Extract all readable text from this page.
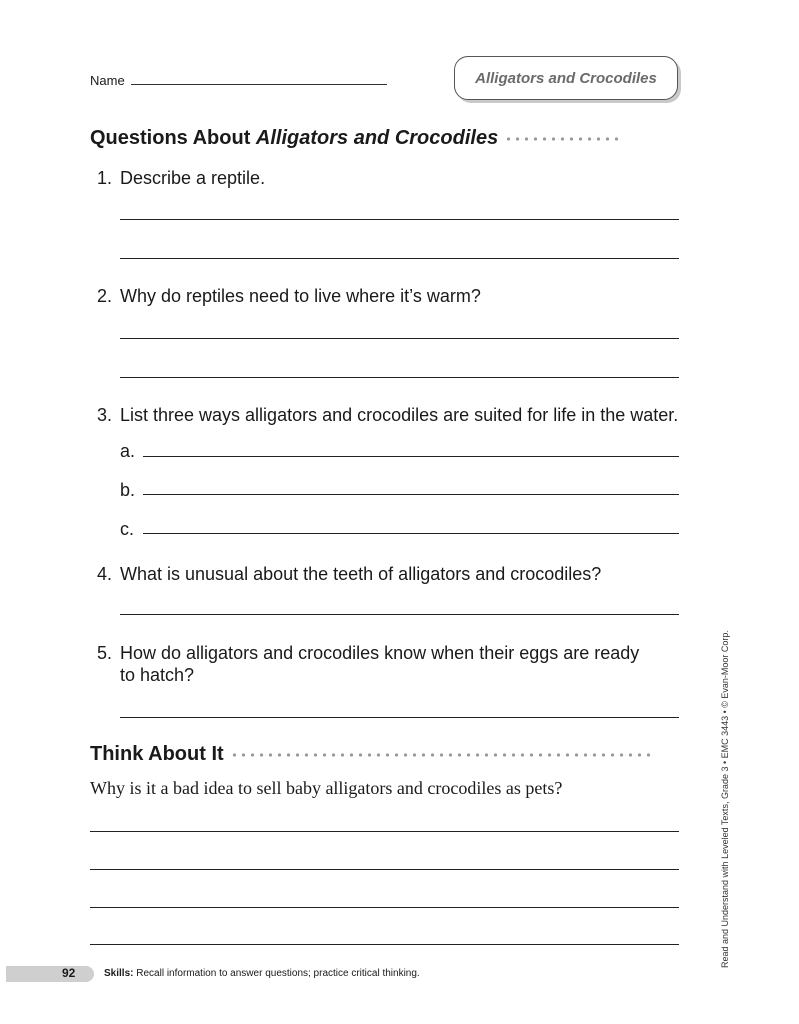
Name	Alligators and Crocodiles
Questions About Alligators and Crocodiles
1. Describe a reptile.
2. Why do reptiles need to live where it’s warm?
3. List three ways alligators and crocodiles are suited for life in the water.
a.
b.
c.
4. What is unusual about the teeth of alligators and crocodiles?
5. How do alligators and crocodiles know when their eggs are ready
to hatch?
Think About It
Why is it a bad idea to sell baby alligators and crocodiles as pets?
92	Skills: Recall information to answer questions; practice critical thinking.
Read and Understand with Leveled Texts, Grade 3 • EMC 3443 • © Evan-Moor Corp.
